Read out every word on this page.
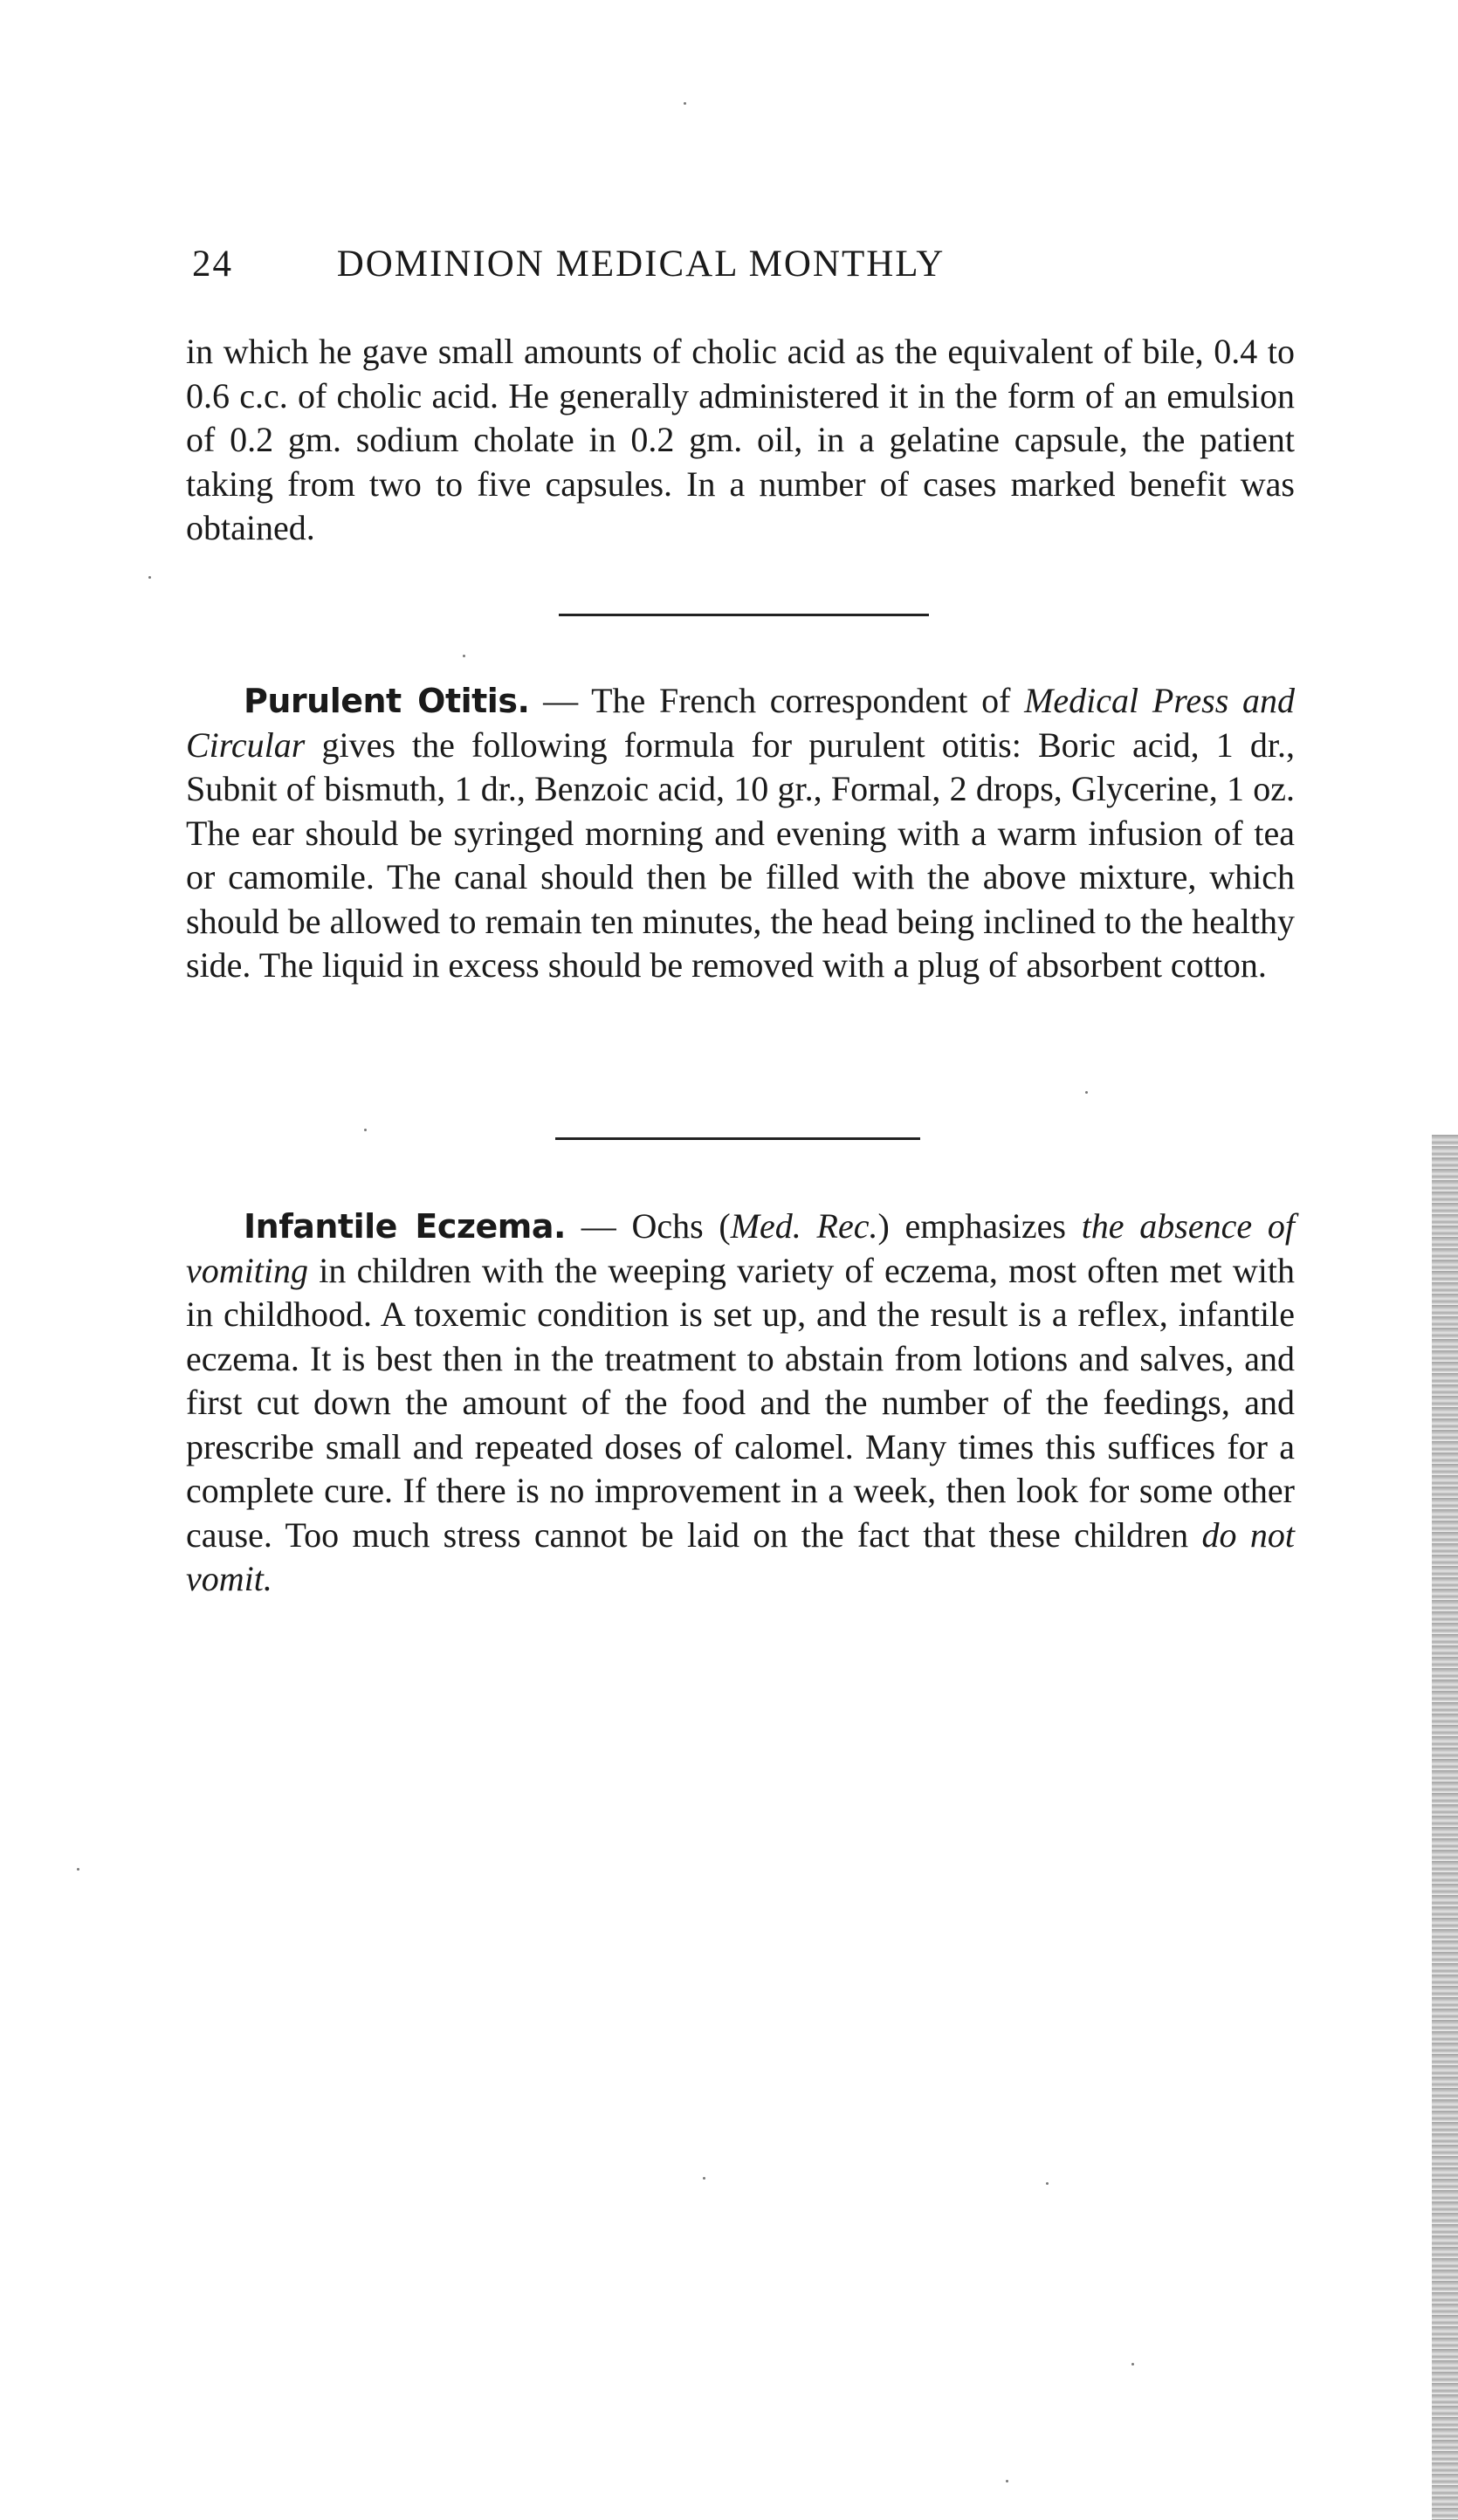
24	DOMINION MEDICAL MONTHLY

in which he gave small amounts of cholic acid as the equivalent of bile, 0.4 to 0.6 c.c. of cholic acid. He generally administered it in the form of an emulsion of 0.2 gm. sodium cholate in 0.2 gm. oil, in a gelatine capsule, the patient taking from two to five capsules. In a number of cases marked benefit was obtained.

Purulent Otitis. — The French correspondent of Medical Press and Circular gives the following formula for purulent otitis: Boric acid, 1 dr., Subnit of bismuth, 1 dr., Benzoic acid, 10 gr., Formal, 2 drops, Glycerine, 1 oz. The ear should be syringed morning and evening with a warm infusion of tea or camomile. The canal should then be filled with the above mixture, which should be allowed to remain ten minutes, the head being inclined to the healthy side. The liquid in excess should be removed with a plug of absorbent cotton.

Infantile Eczema. — Ochs (Med. Rec.) emphasizes the absence of vomiting in children with the weeping variety of eczema, most often met with in childhood. A toxemic condition is set up, and the result is a reflex, infantile eczema. It is best then in the treatment to abstain from lotions and salves, and first cut down the amount of the food and the number of the feedings, and prescribe small and repeated doses of calomel. Many times this suffices for a complete cure. If there is no improvement in a week, then look for some other cause. Too much stress cannot be laid on the fact that these children do not vomit.
